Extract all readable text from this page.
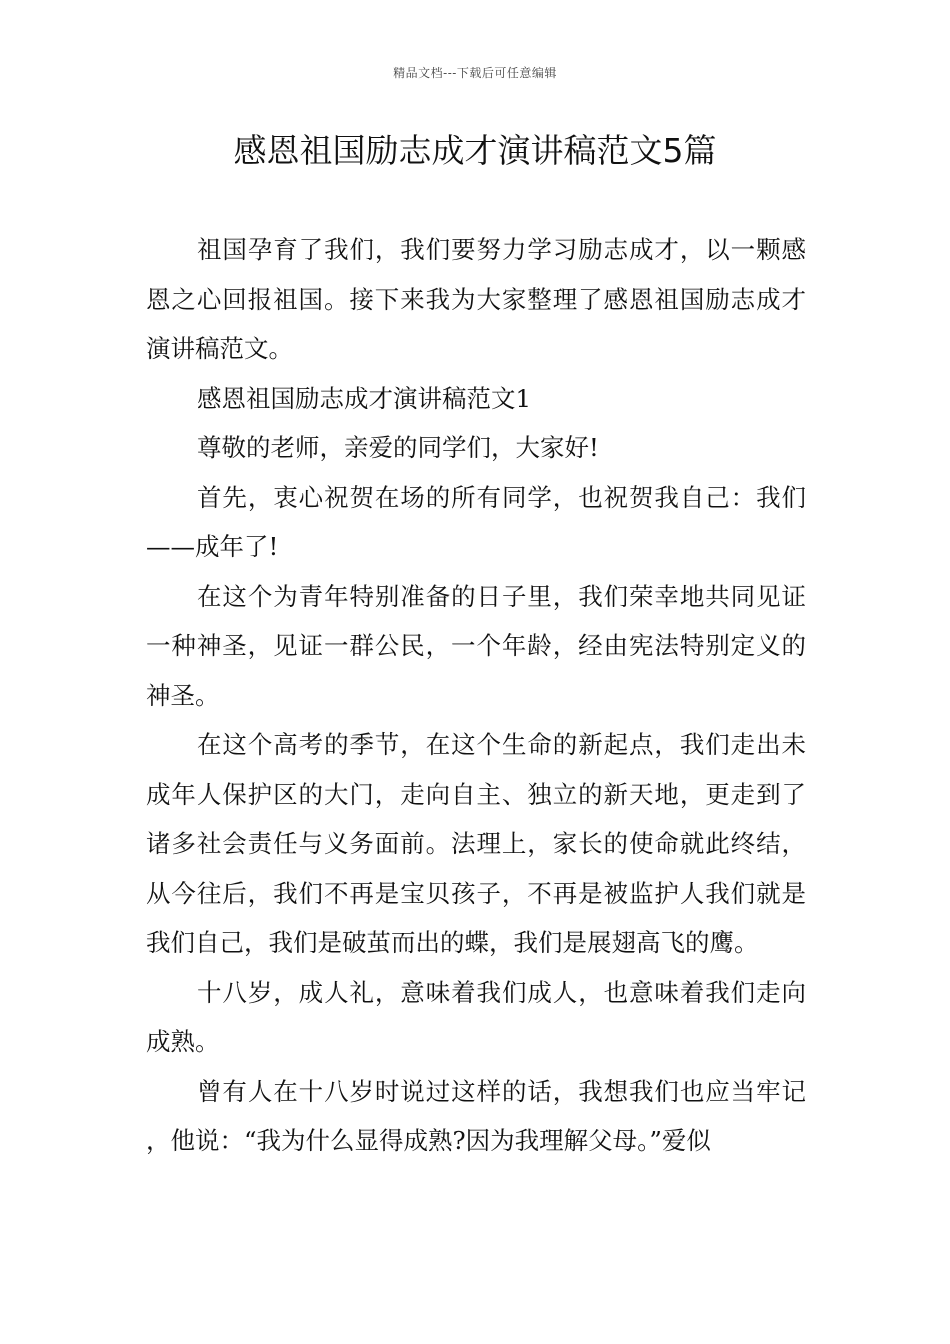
精品文档---下载后可任意编辑
感恩祖国励志成才演讲稿范文5篇

祖国孕育了我们，我们要努力学习励志成才，以一颗感恩之心回报祖国。接下来我为大家整理了感恩祖国励志成才演讲稿范文。

感恩祖国励志成才演讲稿范文1

尊敬的老师，亲爱的同学们，大家好!

首先，衷心祝贺在场的所有同学，也祝贺我自己：我们——成年了!

在这个为青年特别准备的日子里，我们荣幸地共同见证一种神圣，见证一群公民，一个年龄，经由宪法特别定义的神圣。

在这个高考的季节，在这个生命的新起点，我们走出未成年人保护区的大门，走向自主、独立的新天地，更走到了诸多社会责任与义务面前。法理上，家长的使命就此终结，从今往后，我们不再是宝贝孩子，不再是被监护人我们就是我们自己，我们是破茧而出的蝶，我们是展翅高飞的鹰。

十八岁，成人礼，意味着我们成人，也意味着我们走向成熟。

曾有人在十八岁时说过这样的话，我想我们也应当牢记，他说：“我为什么显得成熟?因为我理解父母。”爱似
